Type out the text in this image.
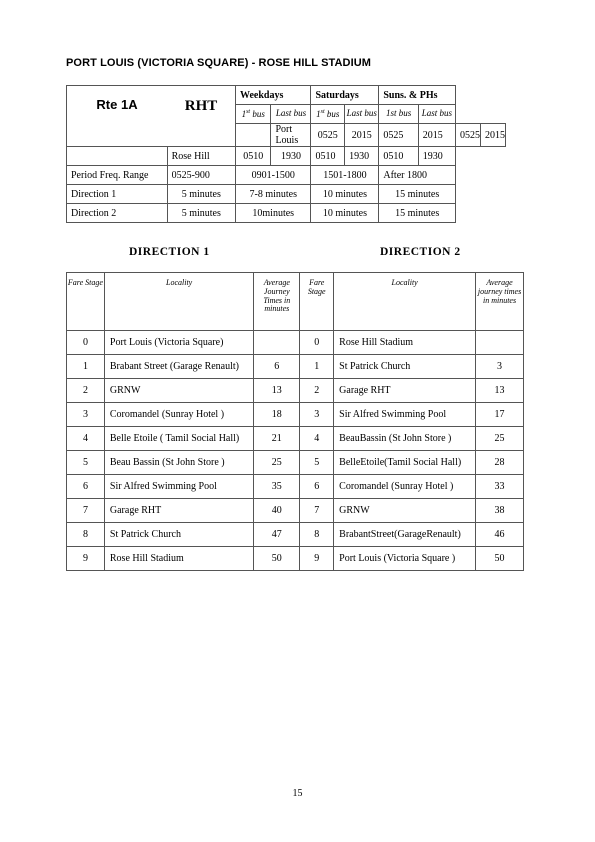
PORT LOUIS (VICTORIA SQUARE) - ROSE HILL STADIUM
Rte 1A RHT		Weekdays		Saturdays		Suns. & PHs			
		1st bus	Last bus	1st bus	Last bus	1st bus	Last bus		
			Port Louis	0525	2015	0525	2015	0525	2015
	Rose Hill	0510	1930	0510	1930	0510	1930		
Period Freq. Range	0525-900	0901-1500		1501-1800		After 1800			
Direction 1	5 minutes	7-8 minutes		10 minutes		15 minutes			
Direction 2	5 minutes	10minutes		10 minutes		15 minutes			
DIRECTION 1	DIRECTION 2
Fare Stage	Locality	Average Journey Times in minutes	Fare Stage	Locality	Average journey times in minutes
0	Port Louis (Victoria Square)		0	Rose Hill Stadium	
1	Brabant Street (Garage Renault)	6	1	St Patrick Church	3
2	GRNW	13	2	Garage RHT	13
3	Coromandel (Sunray Hotel )	18	3	Sir Alfred Swimming Pool	17
4	Belle Etoile ( Tamil Social Hall)	21	4	BeauBassin (St John Store )	25
5	Beau Bassin (St John Store )	25	5	BelleEtoile(Tamil Social Hall)	28
6	Sir Alfred Swimming Pool	35	6	Coromandel (Sunray Hotel )	33
7	Garage RHT	40	7	GRNW	38
8	St Patrick Church	47	8	BrabantStreet(GarageRenault)	46
9	Rose Hill Stadium	50	9	Port Louis (Victoria Square )	50
15
